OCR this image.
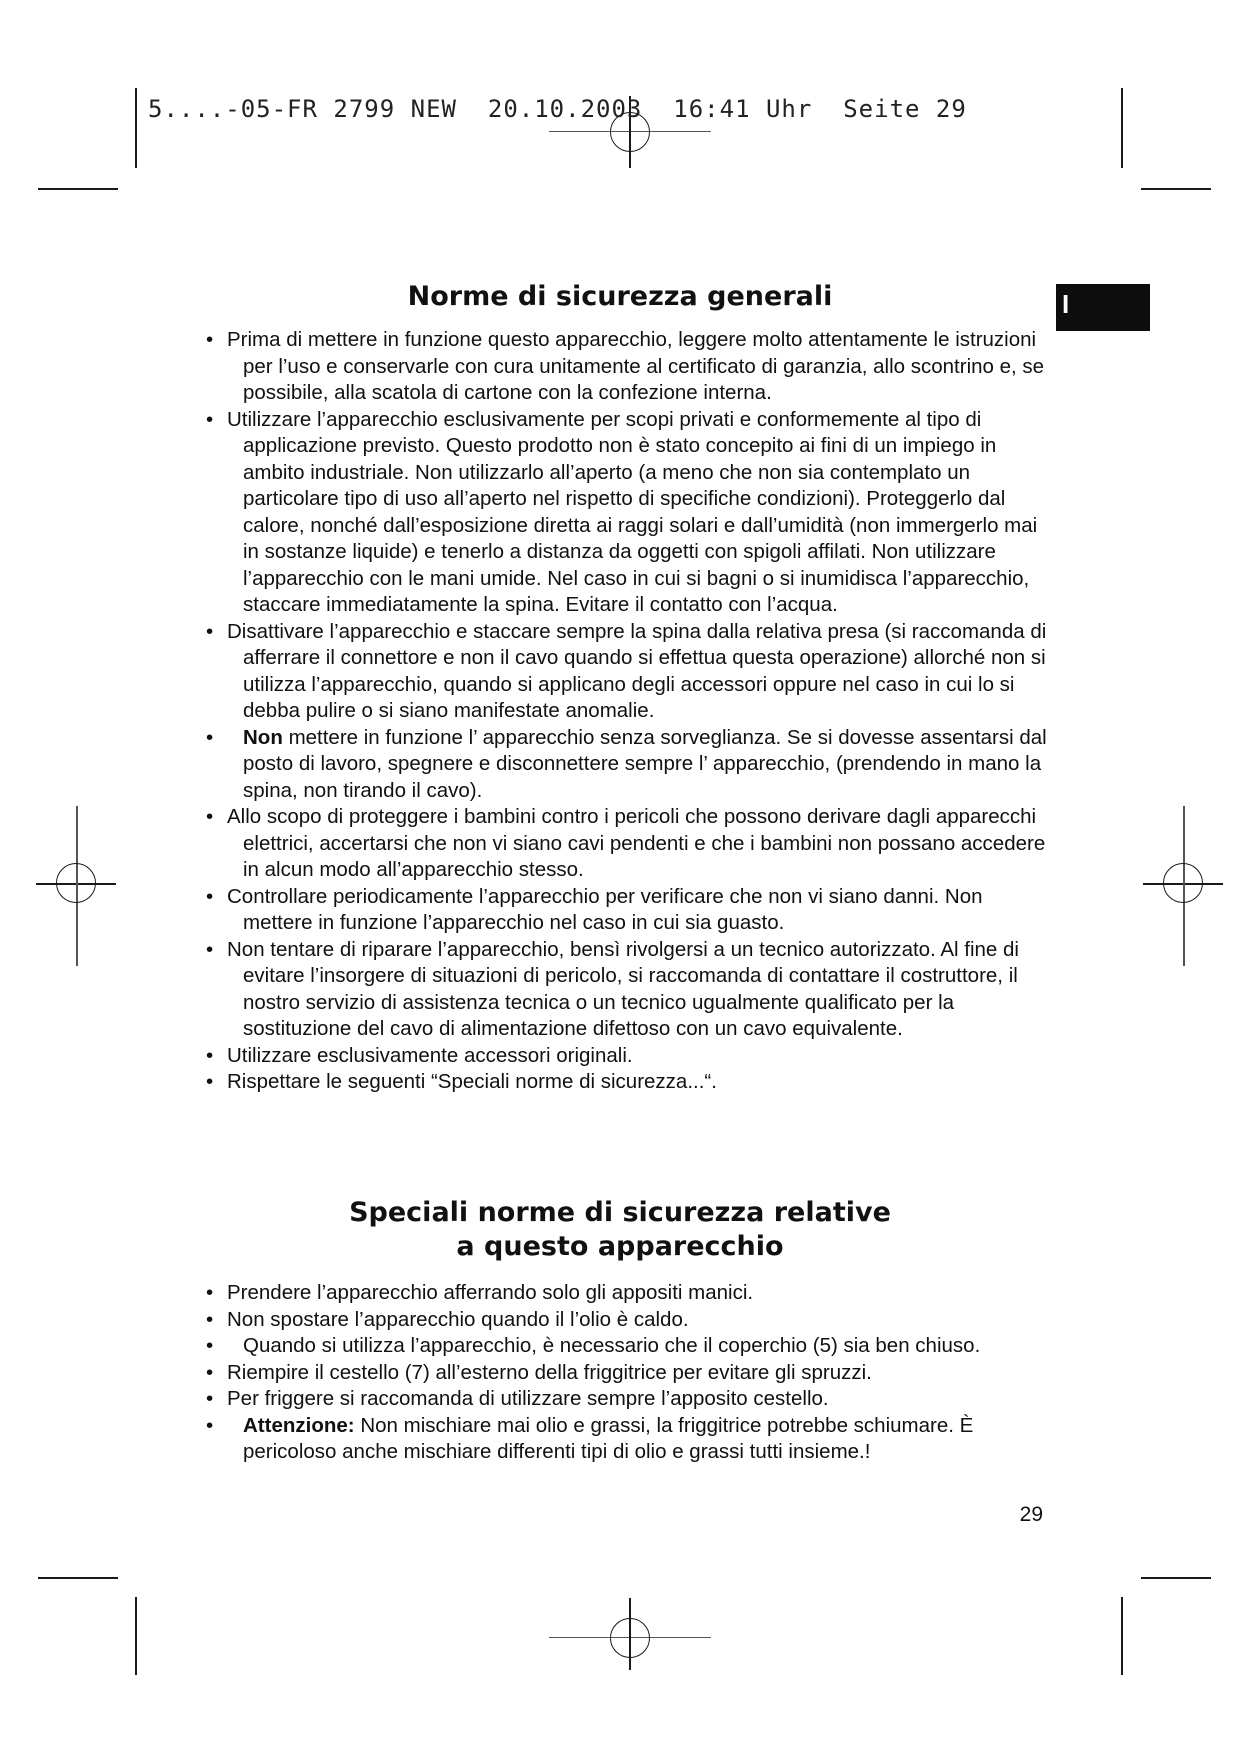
5....-05-FR 2799 NEW  20.10.2003  16:41 Uhr  Seite 29
I
Norme di sicurezza generali
• Prima di mettere in funzione questo apparecchio, leggere molto attentamente le istruzioni per l’uso e conservarle con cura unitamente al certificato di garanzia, allo scontrino e, se possibile, alla scatola di cartone con la confezione interna.
• Utilizzare l’apparecchio esclusivamente per scopi privati e conformemente al tipo di applicazione previsto. Questo prodotto non è stato concepito ai fini di un impiego in ambito industriale. Non utilizzarlo all’aperto (a meno che non sia contemplato un particolare tipo di uso all’aperto nel rispetto di specifiche condizioni). Proteggerlo dal calore, nonché dall’esposizione diretta ai raggi solari e dall’umidità (non immergerlo mai in sostanze liquide) e tenerlo a distanza da oggetti con spigoli affilati. Non utilizzare l’apparecchio con le mani umide. Nel caso in cui si bagni o si inumidisca l’apparecchio, staccare immediatamente la spina. Evitare il contatto con l’acqua.
• Disattivare l’apparecchio e staccare sempre la spina dalla relativa presa (si raccomanda di afferrare il connettore e non il cavo quando si effettua questa operazione) allorché non si utilizza l’apparecchio, quando si applicano degli accessori oppure nel caso in cui lo si debba pulire o si siano manifestate anomalie.
• Non mettere in funzione l’ apparecchio senza sorveglianza. Se si dovesse assentarsi dal posto di lavoro, spegnere e disconnettere sempre l’ apparecchio, (prendendo in mano la spina, non tirando il cavo).
• Allo scopo di proteggere i bambini contro i pericoli che possono derivare dagli apparecchi elettrici, accertarsi che non vi siano cavi pendenti e che i bambini non possano accedere in alcun modo all’apparecchio stesso.
• Controllare periodicamente l’apparecchio per verificare che non vi siano danni. Non mettere in funzione l’apparecchio nel caso in cui sia guasto.
• Non tentare di riparare l’apparecchio, bensì rivolgersi a un tecnico autorizzato. Al fine di evitare l’insorgere di situazioni di pericolo, si raccomanda di contattare il costruttore, il nostro servizio di assistenza tecnica o un tecnico ugualmente qualificato per la sostituzione del cavo di alimentazione difettoso con un cavo equivalente.
• Utilizzare esclusivamente accessori originali.
• Rispettare le seguenti “Speciali norme di sicurezza...“.
Speciali norme di sicurezza relative
a questo apparecchio
• Prendere l’apparecchio afferrando solo gli appositi manici.
• Non spostare l’apparecchio quando il l’olio è caldo.
• Quando si utilizza l’apparecchio, è necessario che il coperchio (5) sia ben chiuso.
• Riempire il cestello (7) all’esterno della friggitrice per evitare gli spruzzi.
• Per friggere si raccomanda di utilizzare sempre l’apposito cestello.
• Attenzione: Non mischiare mai olio e grassi, la friggitrice potrebbe schiumare. È pericoloso anche mischiare differenti tipi di olio e grassi tutti insieme.!
29
